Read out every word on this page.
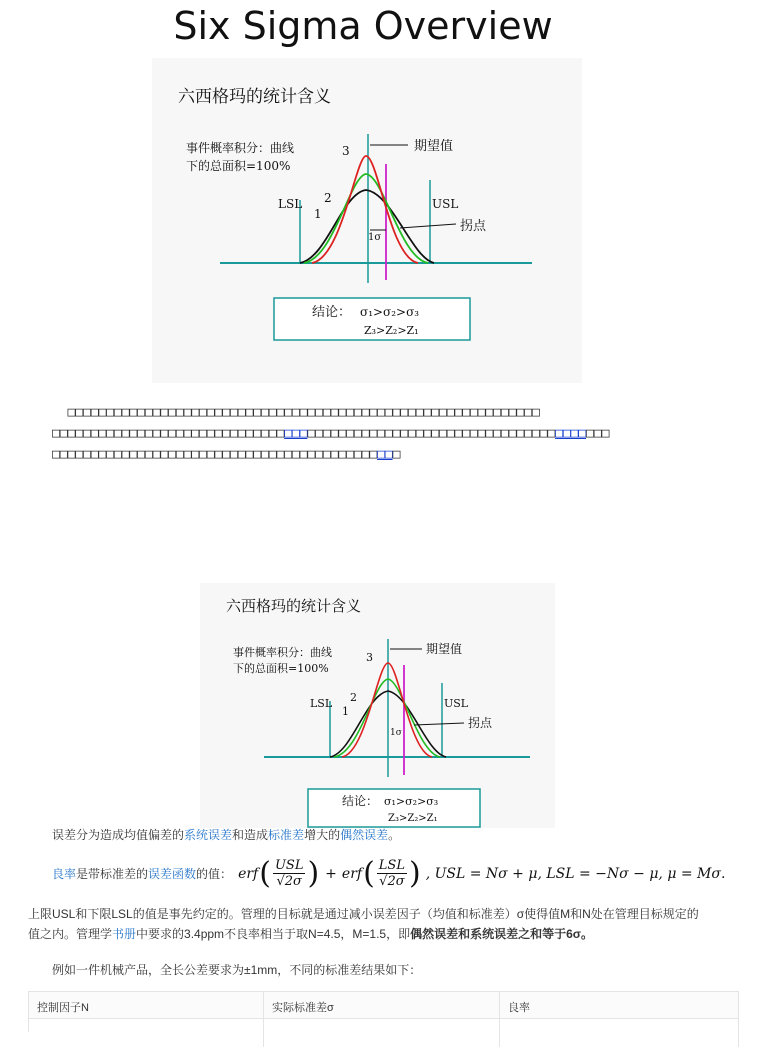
Six Sigma Overview
六西格玛的统计含义
事件概率积分：曲线
下的总面积=100%
LSL	USL
期望值
拐点
1σ
1
2
3
结论： σ₁>σ₂>σ₃
Z₃>Z₂>Z₁
□□□□□□□□□□□□□□□□□□□□□□□□□□□□□□□□□□□□□□□□□□□□□□□□□□□□□□□□□□□□□
□□□□□□□□□□□□□□□□□□□□□□□□□□□□□□□□□□□□□□□□□□□□□□□□□□□□□□□□□□□□□□□□□□□□□□□□
□□□□□□□□□□□□□□□□□□□□□□□□□□□□□□□□□□□□□□□□□□□□□
六西格玛的统计含义
事件概率积分：曲线
下的总面积=100%
LSL	USL
期望值
拐点
1σ
1
2
3
结论： σ₁>σ₂>σ₃
Z₃>Z₂>Z₁
误差分为造成均值偏差的系统误差和造成标准差增大的偶然误差。
良率是带标准差的误差函数的值： erf ( $\frac{\text{USL}}{√2\sigma}$ ) + erf ( $\frac{\text{LSL}}{√2\sigma}$ ) , USL = Nσ + μ, LSL = −Nσ − μ, μ = Mσ.
上限USL和下限LSL的值是事先约定的。管理的目标就是通过减小误差因子（均值和标准差）σ使得值M和N处在管理目标规定的
值之内。管理学书册中要求的3.4ppm不良率相当于取N=4.5，M=1.5，即偶然误差和系统误差之和等于6σ。
例如一件机械产品，全长公差要求为±1mm，不同的标准差结果如下：
控制因子N	实际标准差σ	良率
